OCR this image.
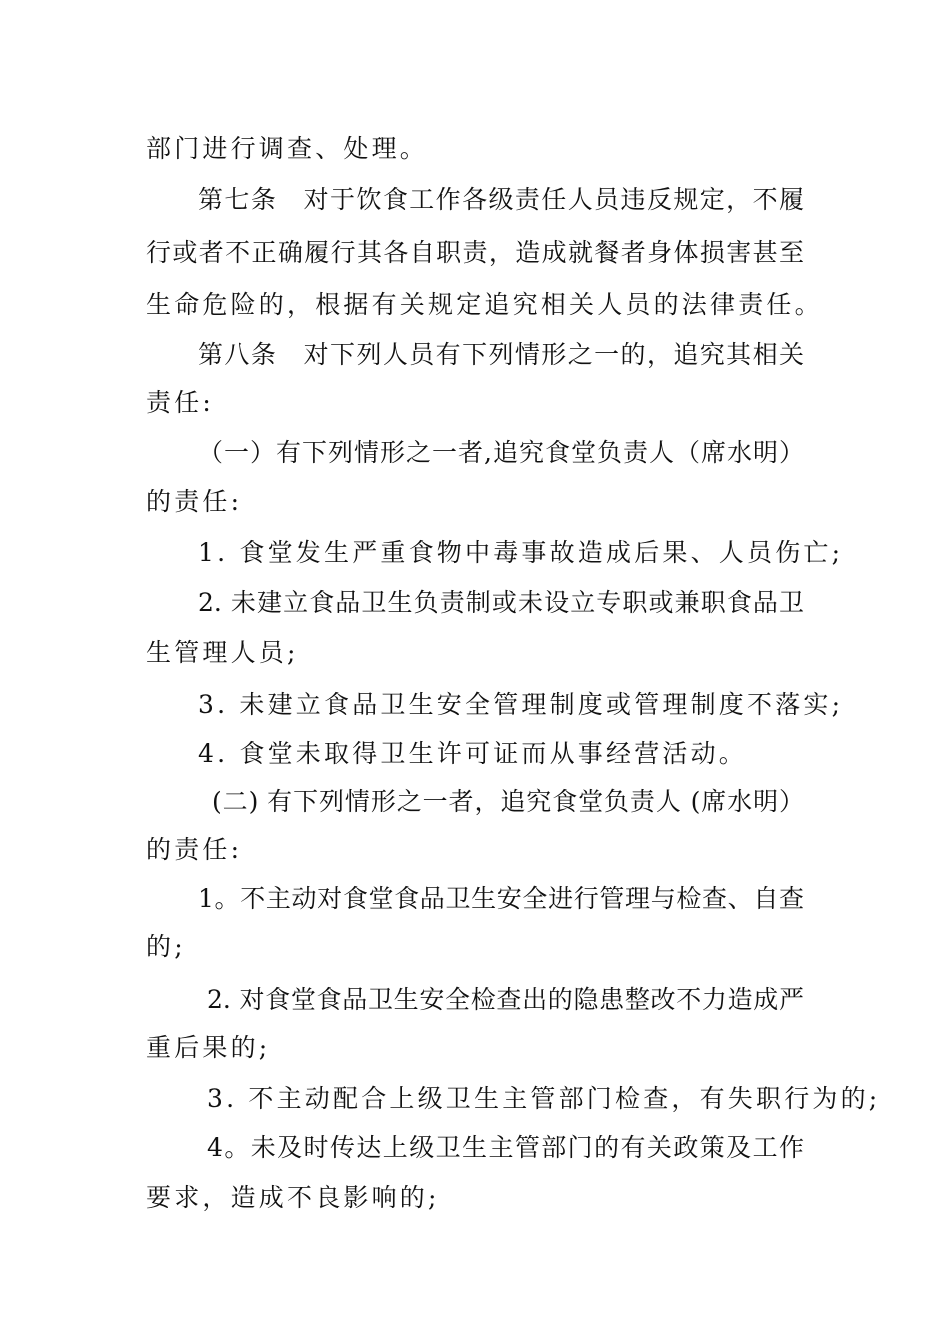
部门进行调查、处理。
第七条　对于饮食工作各级责任人员违反规定，不履
行或者不正确履行其各自职责，造成就餐者身体损害甚至
生命危险的，根据有关规定追究相关人员的法律责任。
第八条　对下列人员有下列情形之一的，追究其相关
责任:
（一）有下列情形之一者,追究食堂负责人（席水明）
的责任:
1. 食堂发生严重食物中毒事故造成后果、人员伤亡;
2. 未建立食品卫生负责制或未设立专职或兼职食品卫
生管理人员;
3. 未建立食品卫生安全管理制度或管理制度不落实;
4. 食堂未取得卫生许可证而从事经营活动。
(二) 有下列情形之一者，追究食堂负责人 (席水明）
的责任:
1。不主动对食堂食品卫生安全进行管理与检查、自查
的;
2. 对食堂食品卫生安全检查出的隐患整改不力造成严
重后果的;
3. 不主动配合上级卫生主管部门检查，有失职行为的;
4。未及时传达上级卫生主管部门的有关政策及工作
要求，造成不良影响的;
